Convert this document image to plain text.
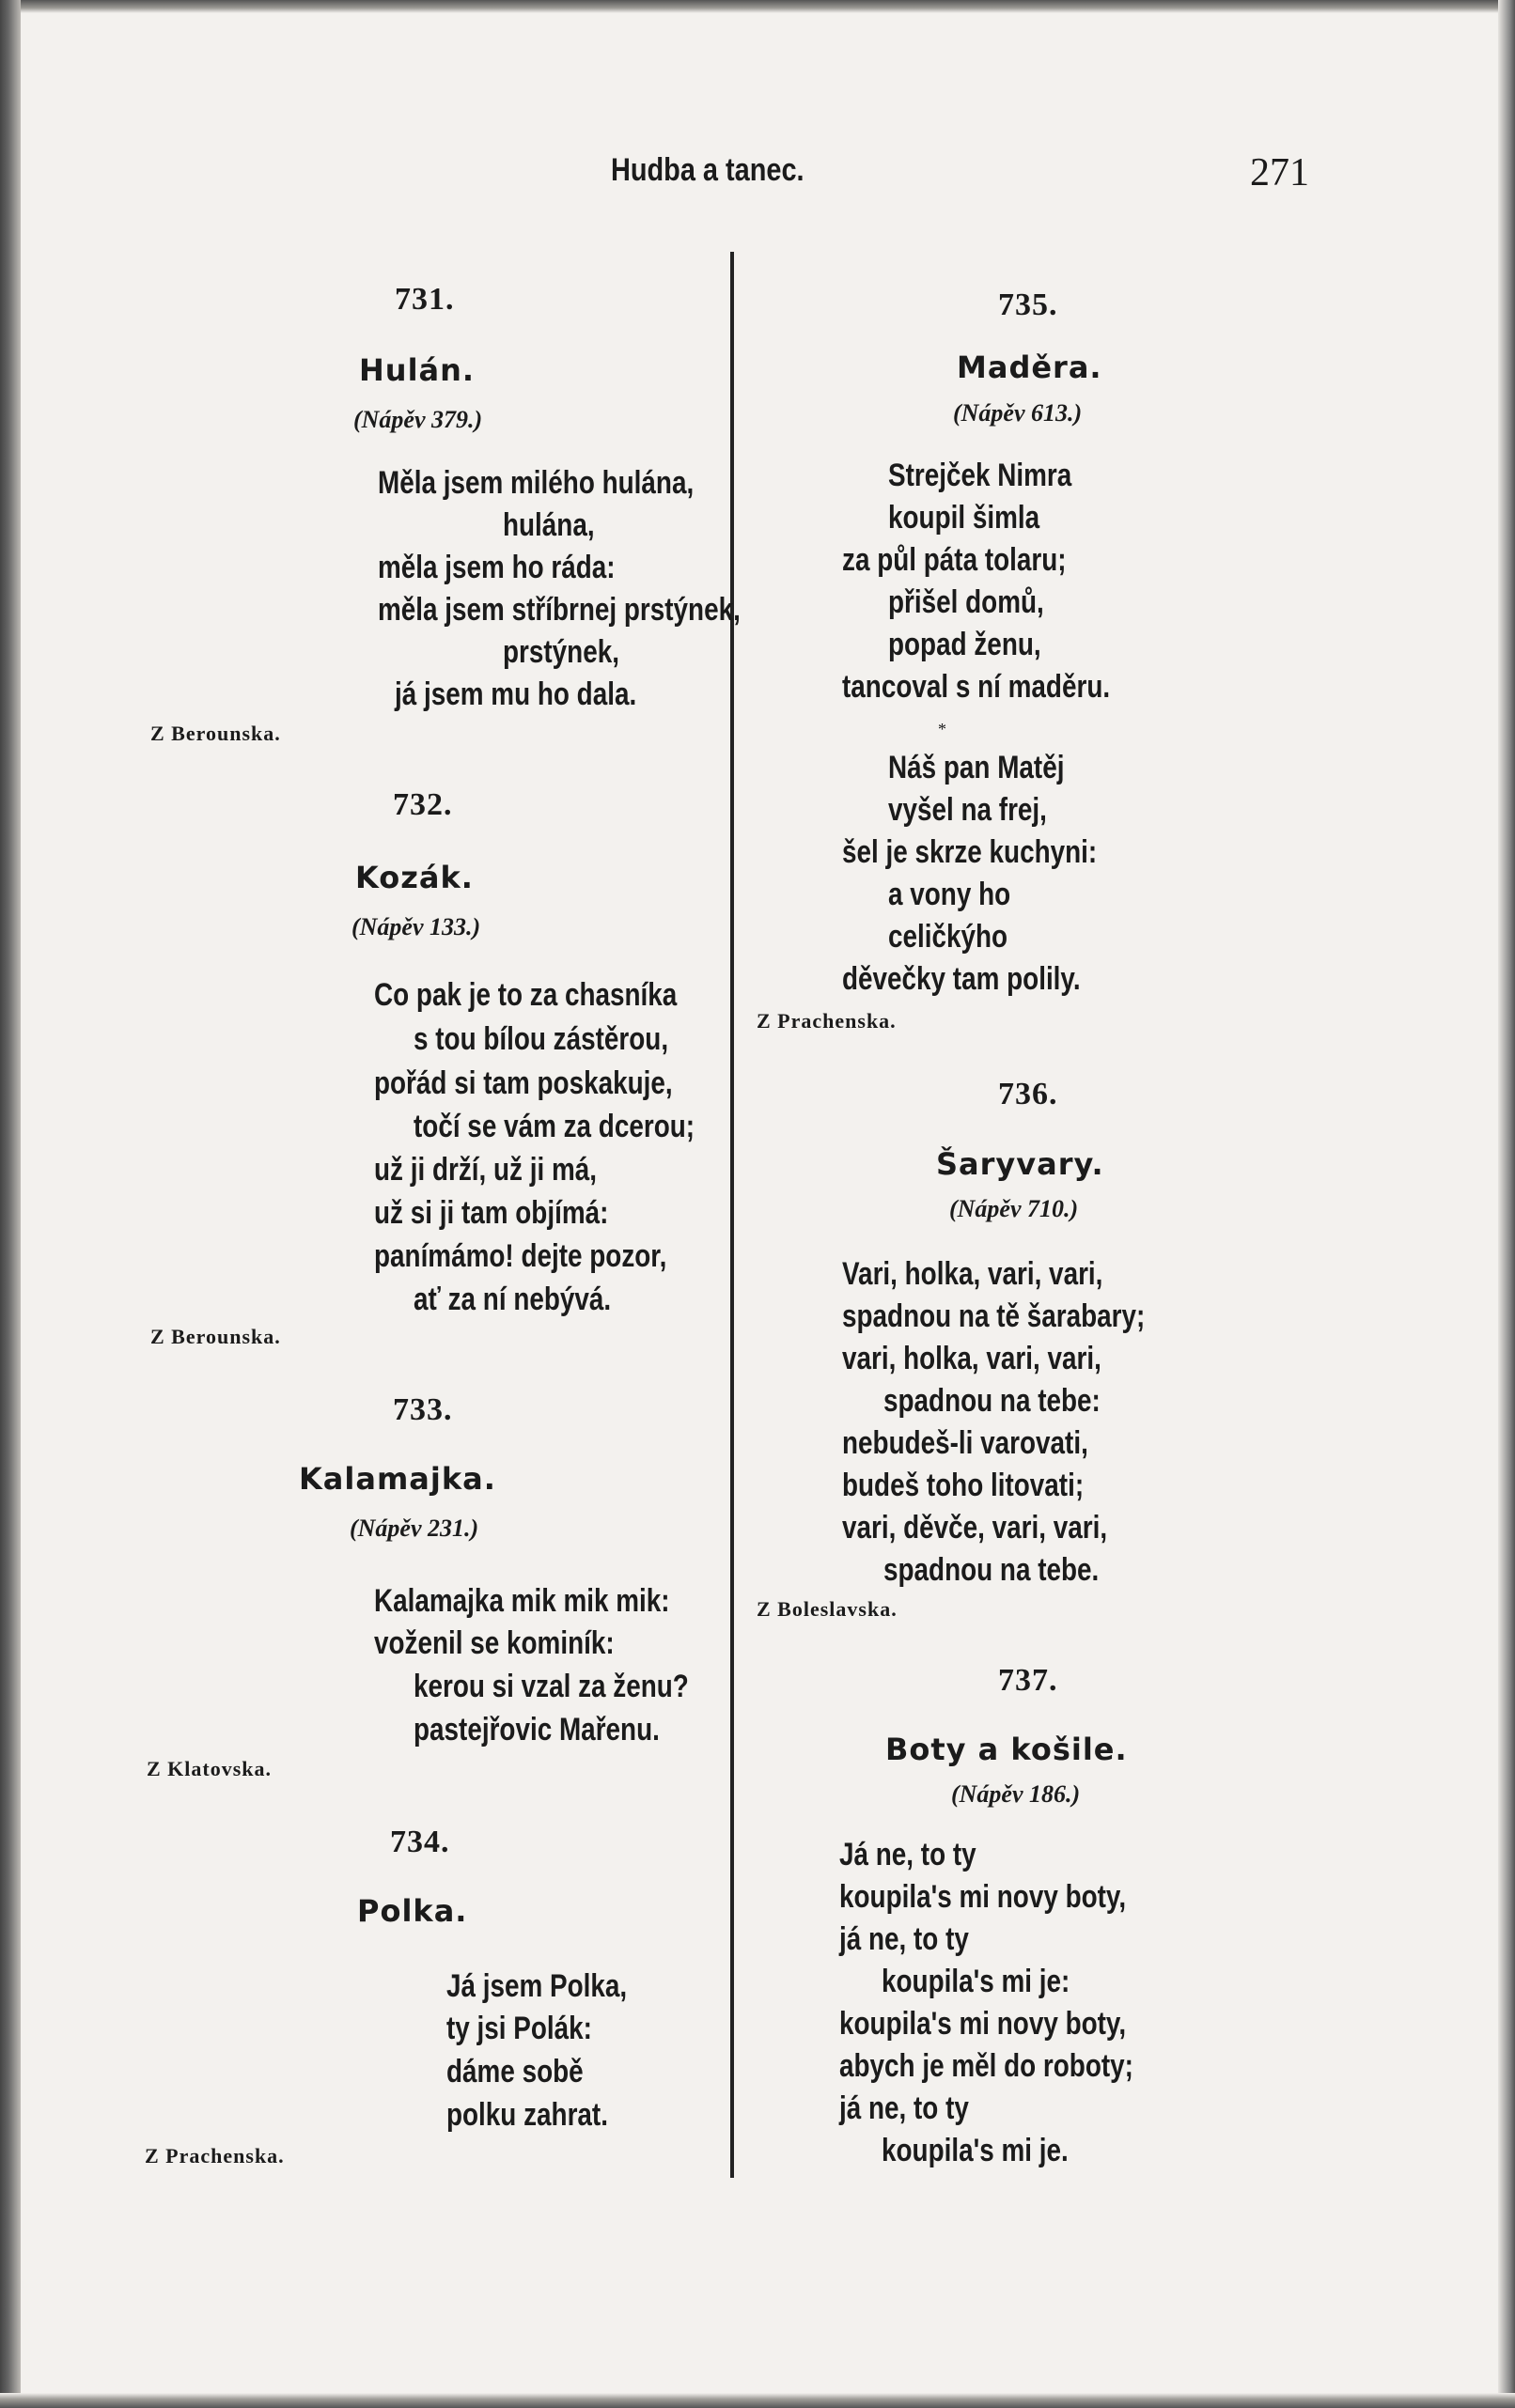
Hudba a tanec.	271
731.
Hulán.
(Nápěv 379.)
Měla jsem milého hulána,
hulána,
měla jsem ho ráda:
měla jsem stříbrnej prstýnek,
prstýnek,
já jsem mu ho dala.
Z Berounska.
732.
Kozák.
(Nápěv 133.)
Co pak je to za chasníka
s tou bílou zástěrou,
pořád si tam poskakuje,
točí se vám za dcerou;
už ji drží, už ji má,
už si ji tam objímá:
panímámo! dejte pozor,
ať za ní nebývá.
Z Berounska.
733.
Kalamajka.
(Nápěv 231.)
Kalamajka mik mik mik:
voženil se kominík:
kerou si vzal za ženu?
pastejřovic Mařenu.
Z Klatovska.
734.
Polka.
Já jsem Polka,
ty jsi Polák:
dáme sobě
polku zahrat.
Z Prachenska.
735.
Maděra.
(Nápěv 613.)
Strejček Nimra
koupil šimla
za půl páta tolaru;
přišel domů,
popad ženu,
tancoval s ní maděru.
*
Náš pan Matěj
vyšel na frej,
šel je skrze kuchyni:
a vony ho
celičkýho
děvečky tam polily.
Z Prachenska.
736.
Šaryvary.
(Nápěv 710.)
Vari, holka, vari, vari,
spadnou na tě šarabary;
vari, holka, vari, vari,
spadnou na tebe:
nebudeš-li varovati,
budeš toho litovati;
vari, děvče, vari, vari,
spadnou na tebe.
Z Boleslavska.
737.
Boty a košile.
(Nápěv 186.)
Já ne, to ty
koupila's mi novy boty,
já ne, to ty
koupila's mi je:
koupila's mi novy boty,
abych je měl do roboty;
já ne, to ty
koupila's mi je.
